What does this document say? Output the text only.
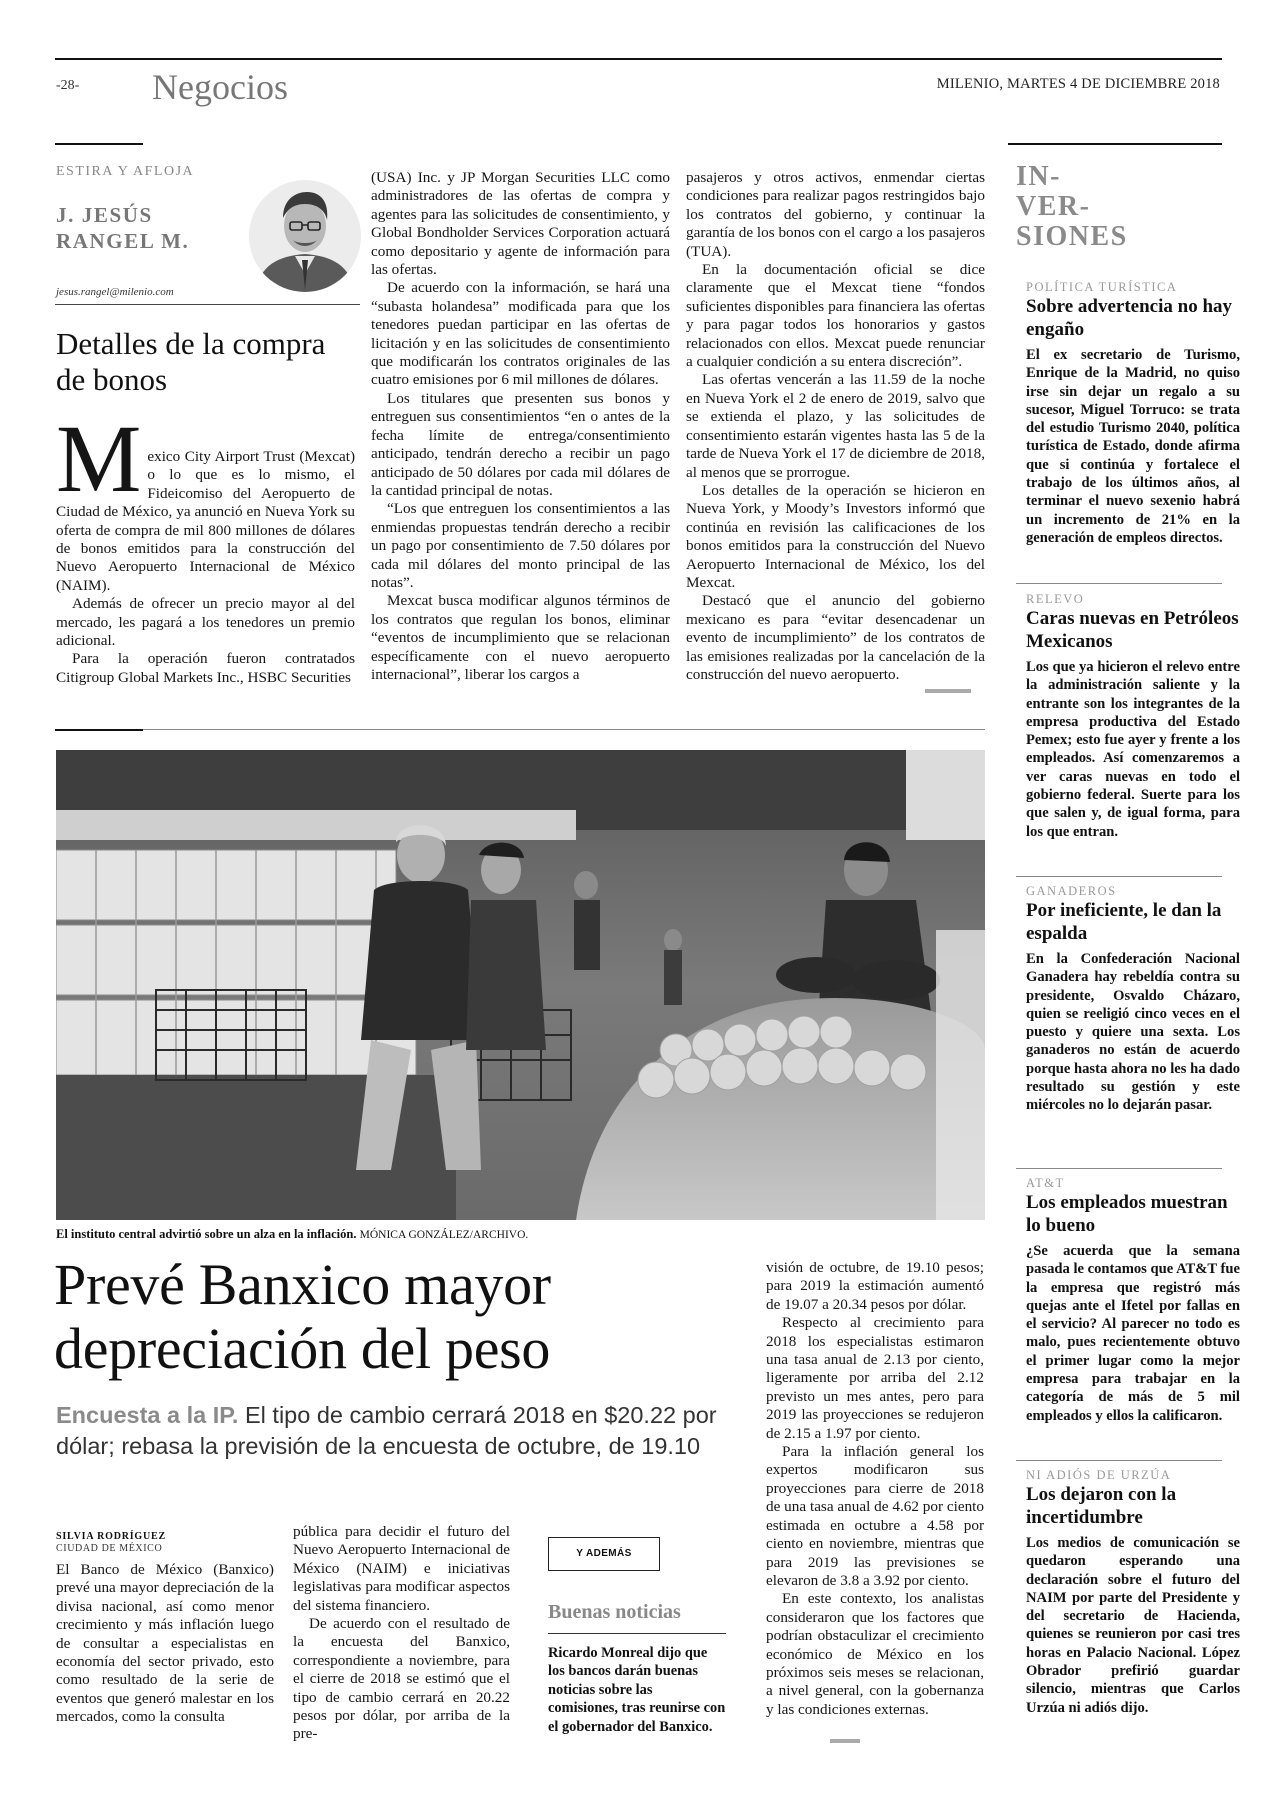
-28- Negocios	MILENIO, MARTES 4 DE DICIEMBRE 2018
ESTIRA Y AFLOJA
J. JESÚS
RANGEL M.
jesus.rangel@milenio.com
Detalles de la compra de bonos
M exico City Airport Trust (Mexcat) o lo que es lo mismo, el Fideicomiso del Aeropuerto de Ciudad de México, ya anunció en Nueva York su oferta de compra de mil 800 millones de dólares de bonos emitidos para la construcción del Nuevo Aeropuerto Internacional de México (NAIM).

Además de ofrecer un precio mayor al del mercado, les pagará a los tenedores un premio adicional.

Para la operación fueron contratados Citigroup Global Markets Inc., HSBC Securities

(USA) Inc. y JP Morgan Securities LLC como administradores de las ofertas de compra y agentes para las solicitudes de consentimiento, y Global Bondholder Services Corporation actuará como depositario y agente de información para las ofertas.

De acuerdo con la información, se hará una “subasta holandesa” modificada para que los tenedores puedan participar en las ofertas de licitación y en las solicitudes de consentimiento que modificarán los contratos originales de las cuatro emisiones por 6 mil millones de dólares.

Los titulares que presenten sus bonos y entreguen sus consentimientos “en o antes de la fecha límite de entrega/consentimiento anticipado, tendrán derecho a recibir un pago anticipado de 50 dólares por cada mil dólares de la cantidad principal de notas.

“Los que entreguen los consentimientos a las enmiendas propuestas tendrán derecho a recibir un pago por consentimiento de 7.50 dólares por cada mil dólares del monto principal de las notas”.

Mexcat busca modificar algunos términos de los contratos que regulan los bonos, eliminar “eventos de incumplimiento que se relacionan específicamente con el nuevo aeropuerto internacional”, liberar los cargos a

pasajeros y otros activos, enmendar ciertas condiciones para realizar pagos restringidos bajo los contratos del gobierno, y continuar la garantía de los bonos con el cargo a los pasajeros (TUA).

En la documentación oficial se dice claramente que el Mexcat tiene “fondos suficientes disponibles para financiera las ofertas y para pagar todos los honorarios y gastos relacionados con ellos. Mexcat puede renunciar a cualquier condición a su entera discreción”.

Las ofertas vencerán a las 11.59 de la noche en Nueva York el 2 de enero de 2019, salvo que se extienda el plazo, y las solicitudes de consentimiento estarán vigentes hasta las 5 de la tarde de Nueva York el 17 de diciembre de 2018, al menos que se prorrogue.

Los detalles de la operación se hicieron en Nueva York, y Moody’s Investors informó que continúa en revisión las calificaciones de los bonos emitidos para la construcción del Nuevo Aeropuerto Internacional de México, los del Mexcat.

Destacó que el anuncio del gobierno mexicano es para “evitar desencadenar un evento de incumplimiento” de los contratos de las emisiones realizadas por la cancelación de la construcción del nuevo aeropuerto.

El instituto central advirtió sobre un alza en la inflación. MÓNICA GONZÁLEZ/ARCHIVO.
Prevé Banxico mayor
depreciación del peso
Encuesta a la IP. El tipo de cambio cerrará 2018 en $20.22 por dólar; rebasa la previsión de la encuesta de octubre, de 19.10
SILVIA RODRÍGUEZ
CIUDAD DE MÉXICO

El Banco de México (Banxico) prevé una mayor depreciación de la divisa nacional, así como menor crecimiento y más inflación luego de consultar a especialistas en economía del sector privado, esto como resultado de la serie de eventos que generó malestar en los mercados, como la consulta

pública para decidir el futuro del Nuevo Aeropuerto Internacional de México (NAIM) e iniciativas legislativas para modificar aspectos del sistema financiero.

De acuerdo con el resultado de la encuesta del Banxico, correspondiente a noviembre, para el cierre de 2018 se estimó que el tipo de cambio cerrará en 20.22 pesos por dólar, por arriba de la pre-

Y ADEMÁS
Buenas noticias
Ricardo Monreal dijo que los bancos darán buenas noticias sobre las comisiones, tras reunirse con el gobernador del Banxico.

visión de octubre, de 19.10 pesos; para 2019 la estimación aumentó de 19.07 a 20.34 pesos por dólar.

Respecto al crecimiento para 2018 los especialistas estimaron una tasa anual de 2.13 por ciento, ligeramente por arriba del 2.12 previsto un mes antes, pero para 2019 las proyecciones se redujeron de 2.15 a 1.97 por ciento.

Para la inflación general los expertos modificaron sus proyecciones para cierre de 2018 de una tasa anual de 4.62 por ciento estimada en octubre a 4.58 por ciento en noviembre, mientras que para 2019 las previsiones se elevaron de 3.8 a 3.92 por ciento.

En este contexto, los analistas consideraron que los factores que podrían obstaculizar el crecimiento económico de México en los próximos seis meses se relacionan, a nivel general, con la gobernanza y las condiciones externas.

IN-
VER-
SIONES
POLÍTICA TURÍSTICA
Sobre advertencia no hay engaño
El ex secretario de Turismo, Enrique de la Madrid, no quiso irse sin dejar un regalo a su sucesor, Miguel Torruco: se trata del estudio Turismo 2040, política turística de Estado, donde afirma que si continúa y fortalece el trabajo de los últimos años, al terminar el nuevo sexenio habrá un incremento de 21% en la generación de empleos directos.
RELEVO
Caras nuevas en Petróleos Mexicanos
Los que ya hicieron el relevo entre la administración saliente y la entrante son los integrantes de la empresa productiva del Estado Pemex; esto fue ayer y frente a los empleados. Así comenzaremos a ver caras nuevas en todo el gobierno federal. Suerte para los que salen y, de igual forma, para los que entran.
GANADEROS
Por ineficiente, le dan la espalda
En la Confederación Nacional Ganadera hay rebeldía contra su presidente, Osvaldo Cházaro, quien se reeligió cinco veces en el puesto y quiere una sexta. Los ganaderos no están de acuerdo porque hasta ahora no les ha dado resultado su gestión y este miércoles no lo dejarán pasar.
AT&T
Los empleados muestran lo bueno
¿Se acuerda que la semana pasada le contamos que AT&T fue la empresa que registró más quejas ante el Ifetel por fallas en el servicio? Al parecer no todo es malo, pues recientemente obtuvo el primer lugar como la mejor empresa para trabajar en la categoría de más de 5 mil empleados y ellos la calificaron.
NI ADIÓS DE URZÚA
Los dejaron con la incertidumbre
Los medios de comunicación se quedaron esperando una declaración sobre el futuro del NAIM por parte del Presidente y del secretario de Hacienda, quienes se reunieron por casi tres horas en Palacio Nacional. López Obrador prefirió guardar silencio, mientras que Carlos Urzúa ni adiós dijo.
